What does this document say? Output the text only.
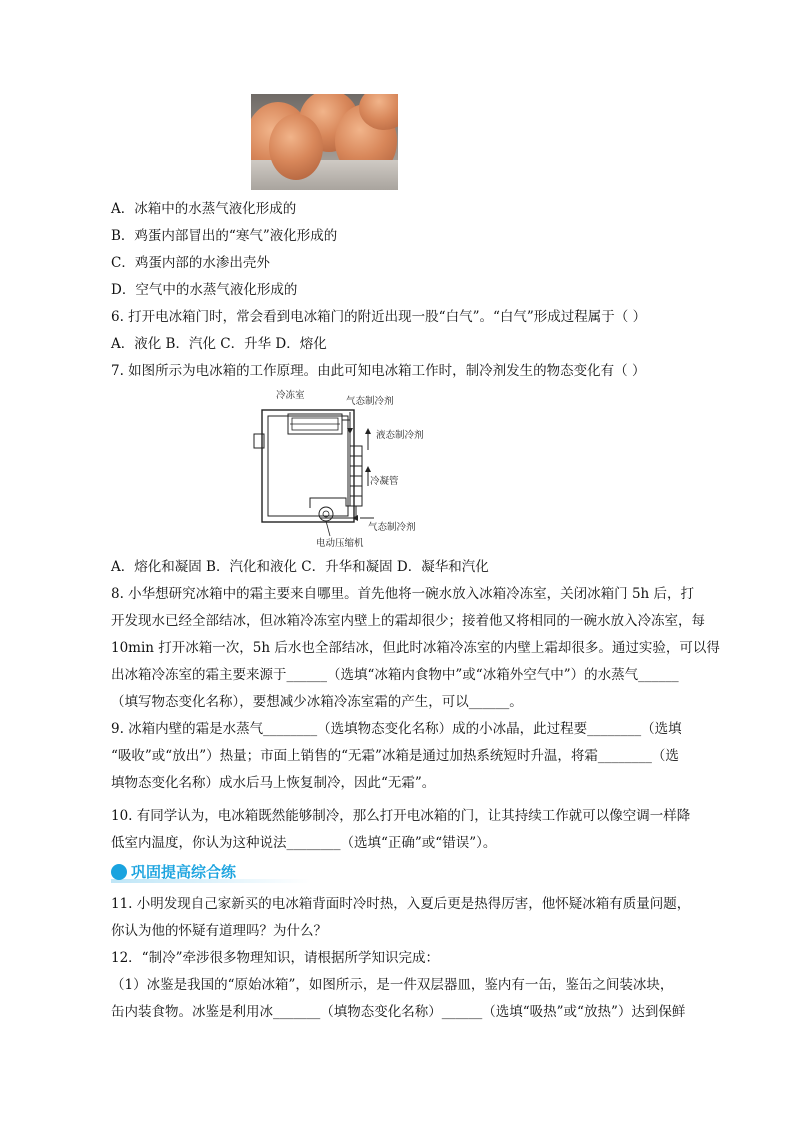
A．冰箱中的水蒸气液化形成的
B．鸡蛋内部冒出的“寒气”液化形成的
C．鸡蛋内部的水渗出壳外
D．空气中的水蒸气液化形成的
6. 打开电冰箱门时，常会看到电冰箱门的附近出现一股“白气”。“白气”形成过程属于（ ）
A．液化 B．汽化 C．升华 D．熔化
7. 如图所示为电冰箱的工作原理。由此可知电冰箱工作时，制冷剂发生的物态变化有（ ）
冷冻室
气态制冷剂
液态制冷剂
冷凝管
气态制冷剂
电动压缩机
A．熔化和凝固 B．汽化和液化 C．升华和凝固 D．凝华和汽化
8. 小华想研究冰箱中的霜主要来自哪里。首先他将一碗水放入冰箱冷冻室，关闭冰箱门 5h 后，打
开发现水已经全部结冰，但冰箱冷冻室内壁上的霜却很少；接着他又将相同的一碗水放入冷冻室，每
10min 打开冰箱一次，5h 后水也全部结冰，但此时冰箱冷冻室的内壁上霜却很多。通过实验，可以得
出冰箱冷冻室的霜主要来源于______（选填“冰箱内食物中”或“冰箱外空气中”）的水蒸气______
（填写物态变化名称），要想减少冰箱冷冻室霜的产生，可以______。
9. 冰箱内壁的霜是水蒸气________（选填物态变化名称）成的小冰晶，此过程要________（选填
“吸收”或“放出”）热量；市面上销售的“无霜”冰箱是通过加热系统短时升温，将霜________（选
填物态变化名称）成水后马上恢复制冷，因此“无霜”。
10. 有同学认为，电冰箱既然能够制冷，那么打开电冰箱的门，让其持续工作就可以像空调一样降
低室内温度，你认为这种说法________（选填“正确”或“错误”）。
巩固提高综合练
11. 小明发现自己家新买的电冰箱背面时冷时热，入夏后更是热得厉害，他怀疑冰箱有质量问题，
你认为他的怀疑有道理吗？为什么？
12．“制冷”牵涉很多物理知识，请根据所学知识完成：
（1）冰鉴是我国的“原始冰箱”，如图所示，是一件双层器皿，鉴内有一缶，鉴缶之间装冰块，
缶内装食物。冰鉴是利用冰_______（填物态变化名称）______（选填“吸热”或“放热”）达到保鲜
